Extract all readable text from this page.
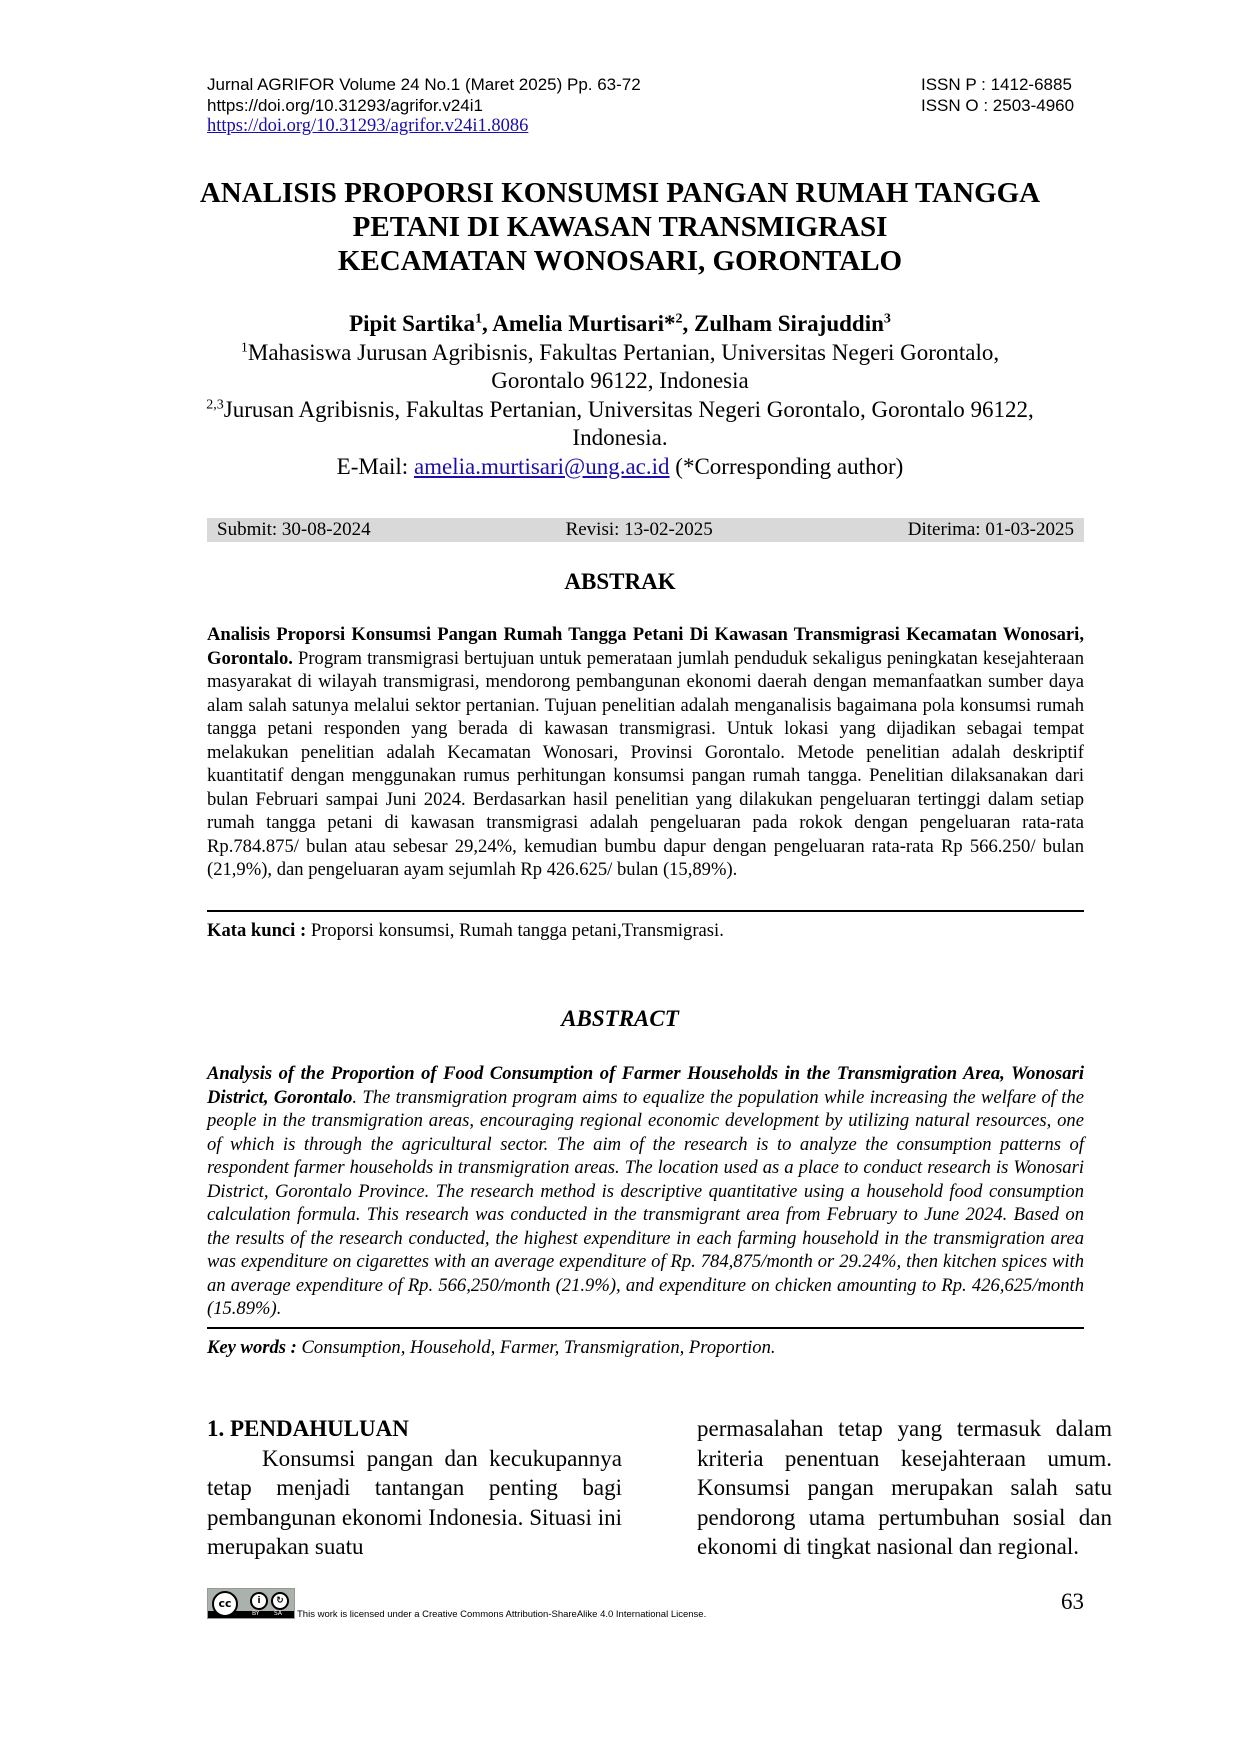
Jurnal AGRIFOR Volume 24 No.1 (Maret 2025) Pp. 63-72	ISSN P : 1412-6885
https://doi.org/10.31293/agrifor.v24i1	ISSN O : 2503-4960
https://doi.org/10.31293/agrifor.v24i1.8086
ANALISIS PROPORSI KONSUMSI PANGAN RUMAH TANGGA
PETANI DI KAWASAN TRANSMIGRASI
KECAMATAN WONOSARI, GORONTALO
Pipit Sartika$^1$, Amelia Murtisari*$^2$, Zulham Sirajuddin$^3$
$^1$Mahasiswa Jurusan Agribisnis, Fakultas Pertanian, Universitas Negeri Gorontalo,
Gorontalo 96122, Indonesia
$^{2,3}$Jurusan Agribisnis, Fakultas Pertanian, Universitas Negeri Gorontalo, Gorontalo 96122,
Indonesia.
E-Mail: amelia.murtisari@ung.ac.id (*Corresponding author)
Submit: 30-08-2024	Revisi: 13-02-2025	Diterima: 01-03-2025
ABSTRAK
Analisis Proporsi Konsumsi Pangan Rumah Tangga Petani Di Kawasan Transmigrasi Kecamatan Wonosari, Gorontalo. Program transmigrasi bertujuan untuk pemerataan jumlah penduduk sekaligus peningkatan kesejahteraan masyarakat di wilayah transmigrasi, mendorong pembangunan ekonomi daerah dengan memanfaatkan sumber daya alam salah satunya melalui sektor pertanian. Tujuan penelitian adalah menganalisis bagaimana pola konsumsi rumah tangga petani responden yang berada di kawasan transmigrasi. Untuk lokasi yang dijadikan sebagai tempat melakukan penelitian adalah Kecamatan Wonosari, Provinsi Gorontalo. Metode penelitian adalah deskriptif kuantitatif dengan menggunakan rumus perhitungan konsumsi pangan rumah tangga. Penelitian dilaksanakan dari bulan Februari sampai Juni 2024. Berdasarkan hasil penelitian yang dilakukan pengeluaran tertinggi dalam setiap rumah tangga petani di kawasan transmigrasi adalah pengeluaran pada rokok dengan pengeluaran rata-rata Rp.784.875/ bulan atau sebesar 29,24%, kemudian bumbu dapur dengan pengeluaran rata-rata Rp 566.250/ bulan (21,9%), dan pengeluaran ayam sejumlah Rp 426.625/ bulan (15,89%).
Kata kunci : Proporsi konsumsi, Rumah tangga petani,Transmigrasi.
ABSTRACT
Analysis of the Proportion of Food Consumption of Farmer Households in the Transmigration Area, Wonosari District, Gorontalo. The transmigration program aims to equalize the population while increasing the welfare of the people in the transmigration areas, encouraging regional economic development by utilizing natural resources, one of which is through the agricultural sector. The aim of the research is to analyze the consumption patterns of respondent farmer households in transmigration areas. The location used as a place to conduct research is Wonosari District, Gorontalo Province. The research method is descriptive quantitative using a household food consumption calculation formula. This research was conducted in the transmigrant area from February to June 2024. Based on the results of the research conducted, the highest expenditure in each farming household in the transmigration area was expenditure on cigarettes with an average expenditure of Rp. 784,875/month or 29.24%, then kitchen spices with an average expenditure of Rp. 566,250/month (21.9%), and expenditure on chicken amounting to Rp. 426,625/month (15.89%).
Key words : Consumption, Household, Farmer, Transmigration, Proportion.

1. PENDAHULUAN

Konsumsi pangan dan kecukupannya tetap menjadi tantangan penting bagi pembangunan ekonomi Indonesia. Situasi ini merupakan suatu

permasalahan tetap yang termasuk dalam kriteria penentuan kesejahteraan umum. Konsumsi pangan merupakan salah satu pendorong utama pertumbuhan sosial dan ekonomi di tingkat nasional dan regional.

cc	i	↻
BY SA This work is licensed under a Creative Commons Attribution-ShareAlike 4.0 International License.
63
